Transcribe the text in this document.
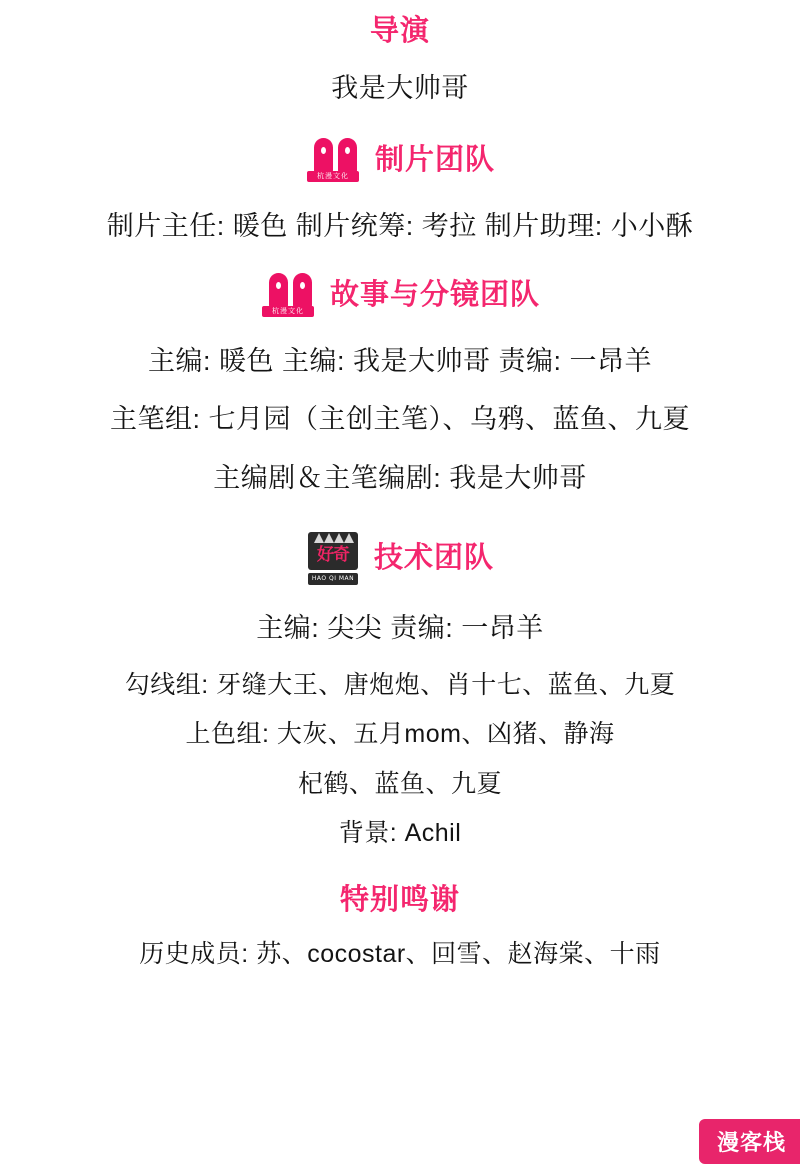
导演
我是大帅哥
杭漫文化 制片团队
制片主任: 暖色 制片统筹: 考拉 制片助理: 小小酥
杭漫文化 故事与分镜团队
主编: 暖色 主编: 我是大帅哥 责编: 一昂羊
主笔组: 七月园（主创主笔）、乌鸦、蓝鱼、九夏
主编剧＆主笔编剧: 我是大帅哥
好奇
HAO QI MAN YE
技术团队
主编: 尖尖 责编: 一昂羊
勾线组: 牙缝大王、唐炮炮、肖十七、蓝鱼、九夏
上色组: 大灰、五月mom、凶猪、静海
杞鹤、蓝鱼、九夏
背景: Achil
特别鸣谢
历史成员: 苏、cocostar、回雪、赵海棠、十雨
漫客栈
